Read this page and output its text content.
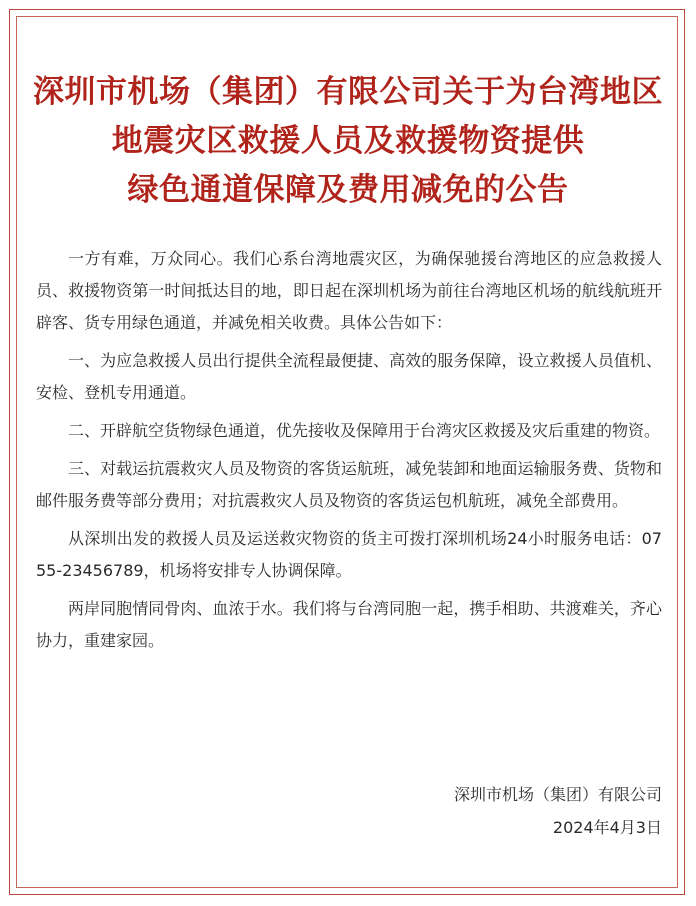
深圳市机场（集团）有限公司关于为台湾地区
地震灾区救援人员及救援物资提供
绿色通道保障及费用减免的公告

一方有难，万众同心。我们心系台湾地震灾区，为确保驰援台湾地区的应急救援人员、救援物资第一时间抵达目的地，即日起在深圳机场为前往台湾地区机场的航线航班开辟客、货专用绿色通道，并减免相关收费。具体公告如下：

一、为应急救援人员出行提供全流程最便捷、高效的服务保障，设立救援人员值机、安检、登机专用通道。

二、开辟航空货物绿色通道，优先接收及保障用于台湾灾区救援及灾后重建的物资。

三、对载运抗震救灾人员及物资的客货运航班，减免装卸和地面运输服务费、货物和邮件服务费等部分费用；对抗震救灾人员及物资的客货运包机航班，减免全部费用。

从深圳出发的救援人员及运送救灾物资的货主可拨打深圳机场24小时服务电话：0755-23456789，机场将安排专人协调保障。

两岸同胞情同骨肉、血浓于水。我们将与台湾同胞一起，携手相助、共渡难关，齐心协力，重建家园。

深圳市机场（集团）有限公司
2024年4月3日
